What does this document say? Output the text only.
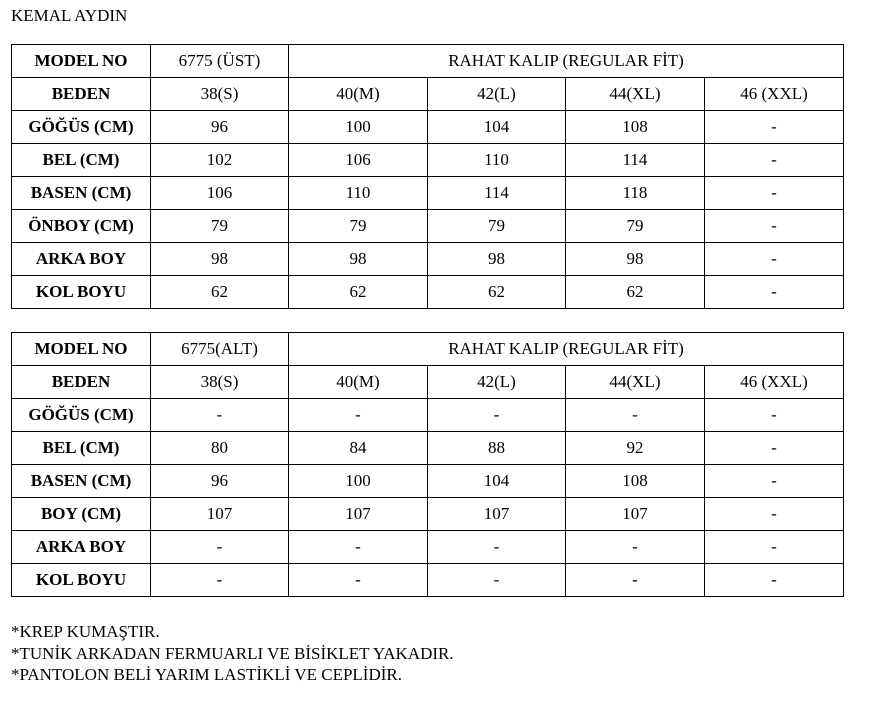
KEMAL AYDIN
MODEL NO	6775 (ÜST)	RAHAT KALIP (REGULAR FİT)			
BEDEN	38(S)	40(M)	42(L)	44(XL)	46 (XXL)
GÖĞÜS (CM)	96	100	104	108	-
BEL (CM)	102	106	110	114	-
BASEN (CM)	106	110	114	118	-
ÖNBOY (CM)	79	79	79	79	-
ARKA BOY	98	98	98	98	-
KOL BOYU	62	62	62	62	-
MODEL NO	6775(ALT)	RAHAT KALIP (REGULAR FİT)			
BEDEN	38(S)	40(M)	42(L)	44(XL)	46 (XXL)
GÖĞÜS (CM)	-	-	-	-	-
BEL (CM)	80	84	88	92	-
BASEN (CM)	96	100	104	108	-
BOY (CM)	107	107	107	107	-
ARKA BOY	-	-	-	-	-
KOL BOYU	-	-	-	-	-
*KREP KUMAŞTIR.
*TUNİK ARKADAN FERMUARLI VE BİSİKLET YAKADIR.
*PANTOLON BELİ YARIM LASTİKLİ VE CEPLİDİR.
